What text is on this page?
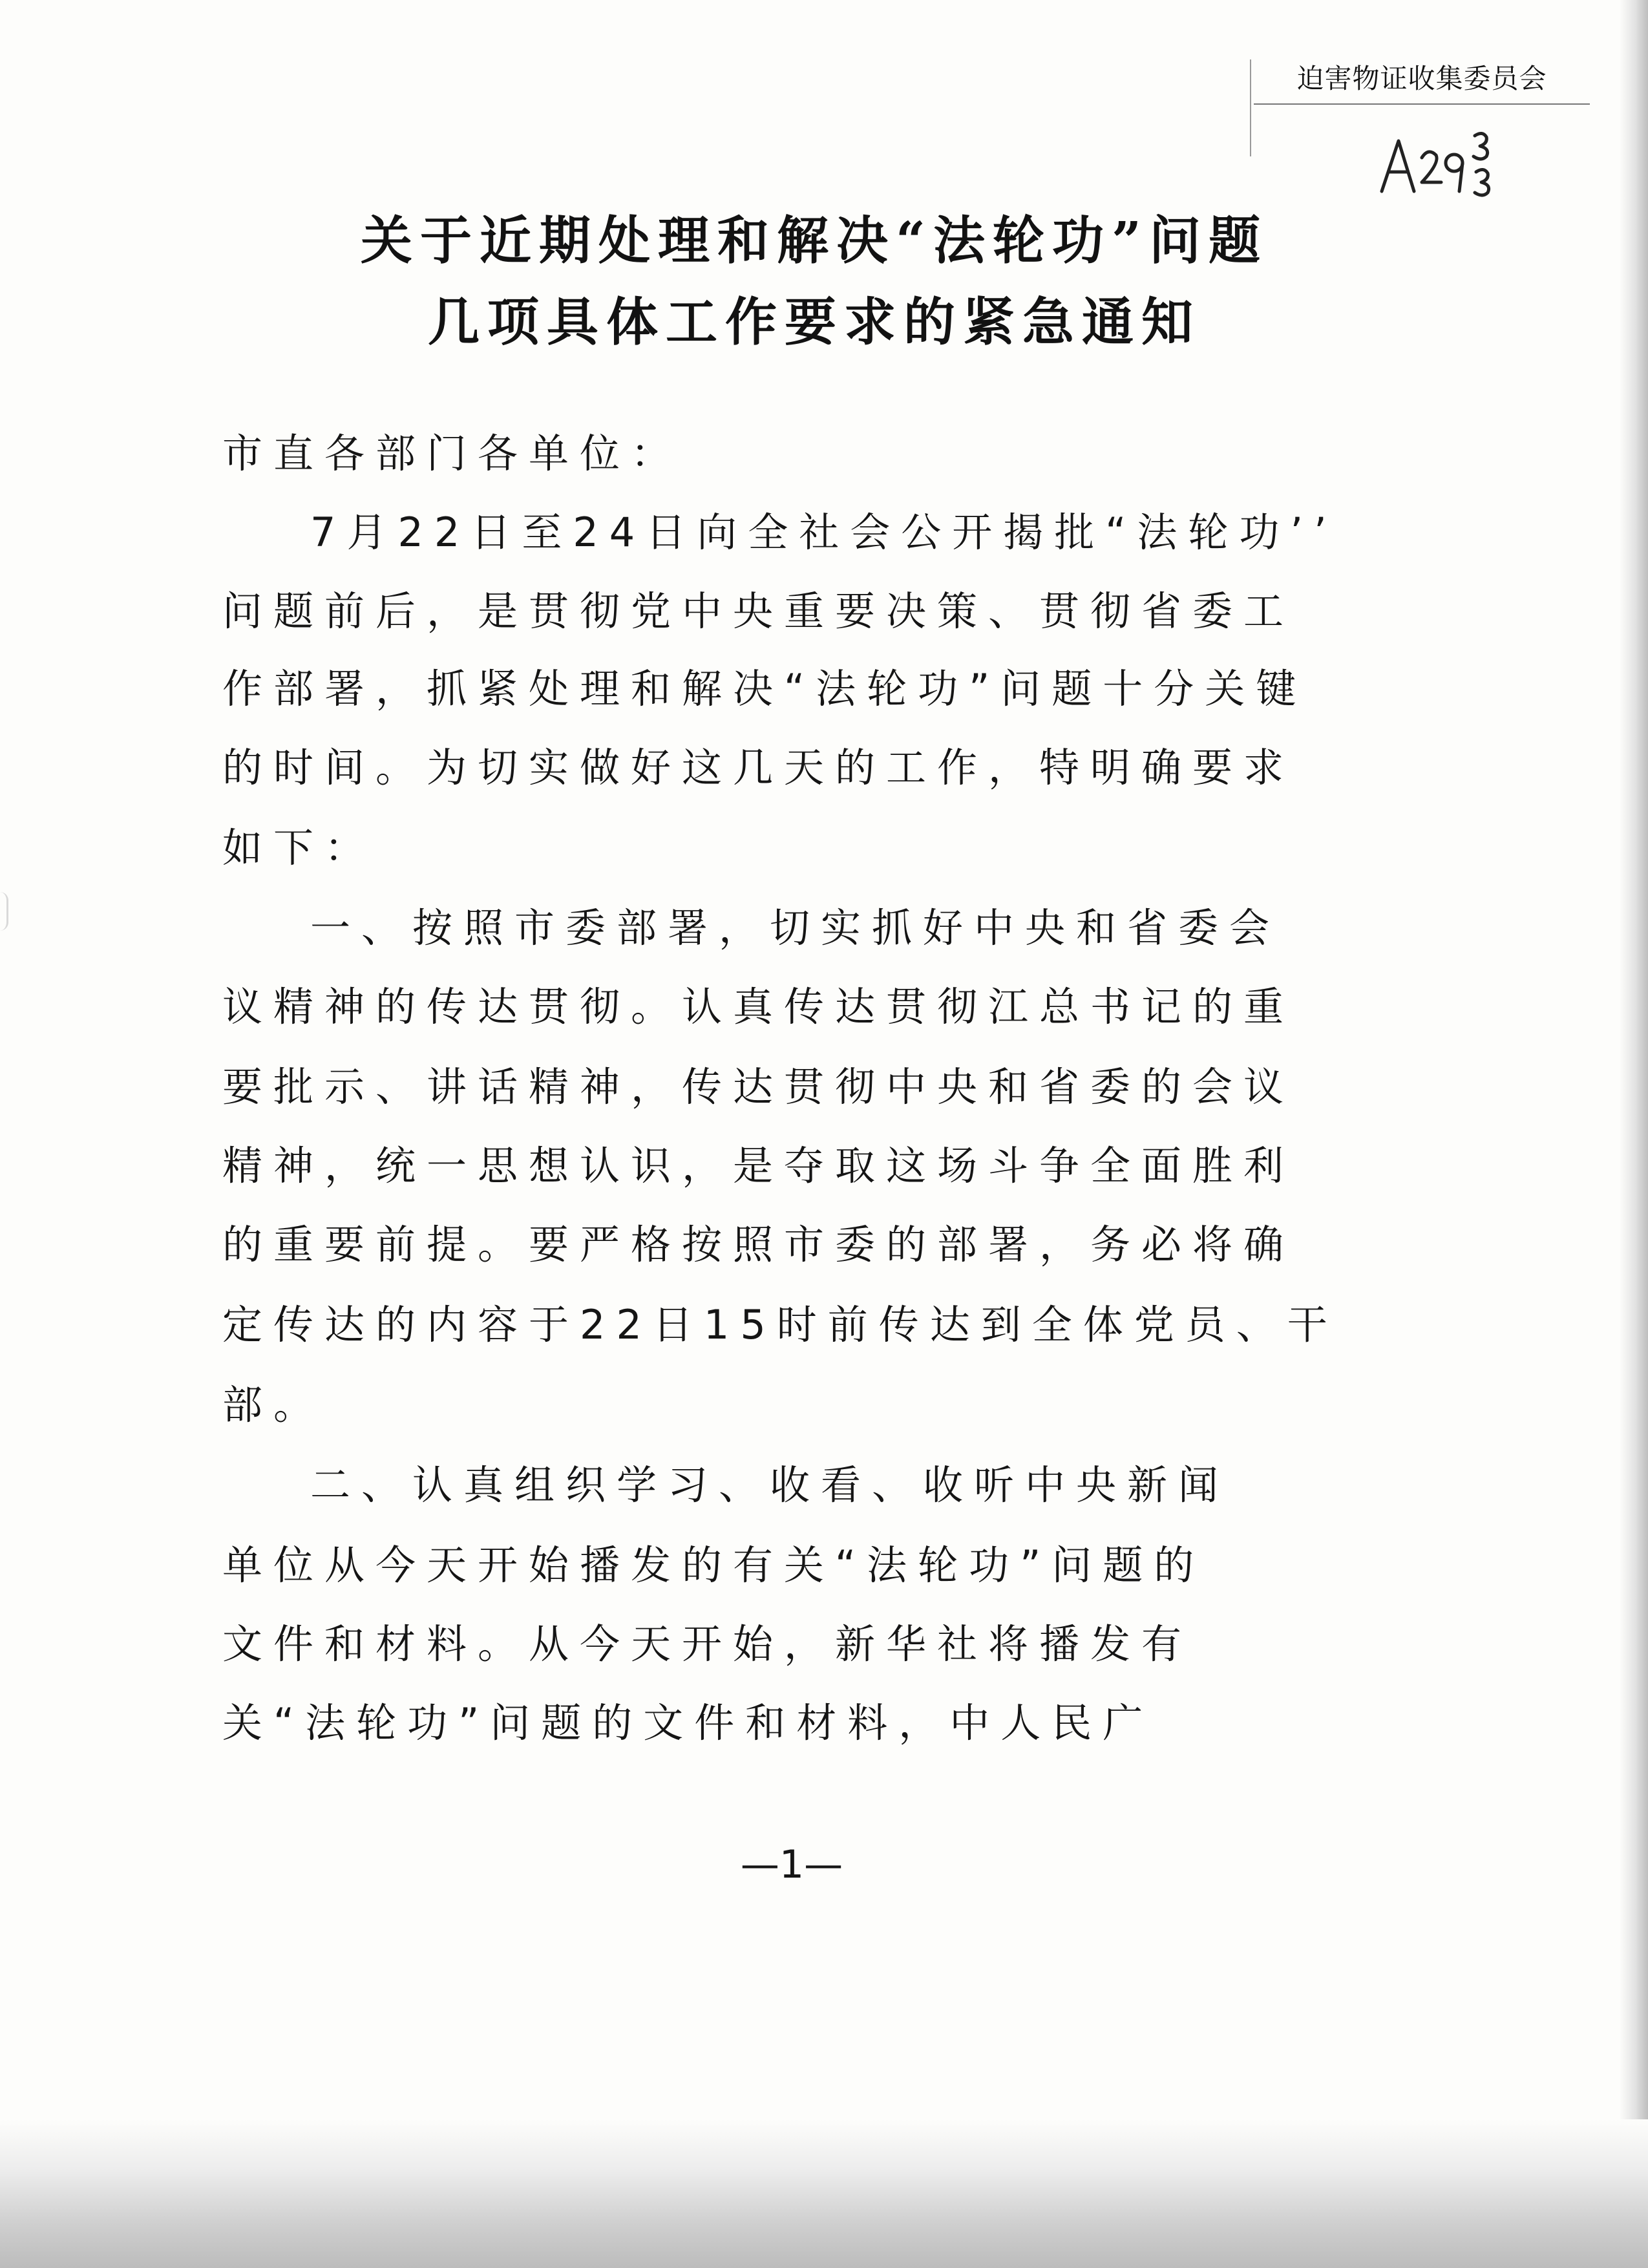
迫害物证收集委员会
关于近期处理和解决“法轮功”问题
几项具体工作要求的紧急通知
市直各部门各单位：
7月22日至24日向全社会公开揭批“法轮功’’
问题前后，是贯彻党中央重要决策、贯彻省委工
作部署，抓紧处理和解决“法轮功”问题十分关键
的时间。为切实做好这几天的工作，特明确要求
如下：
一、按照市委部署，切实抓好中央和省委会
议精神的传达贯彻。认真传达贯彻江总书记的重
要批示、讲话精神，传达贯彻中央和省委的会议
精神，统一思想认识，是夺取这场斗争全面胜利
的重要前提。要严格按照市委的部署，务必将确
定传达的内容于22日15时前传达到全体党员、干
部。
二、认真组织学习、收看、收听中央新闻
单位从今天开始播发的有关“法轮功”问题的
文件和材料。从今天开始，新华社将播发有
关“法轮功”问题的文件和材料，中人民广
—1—
